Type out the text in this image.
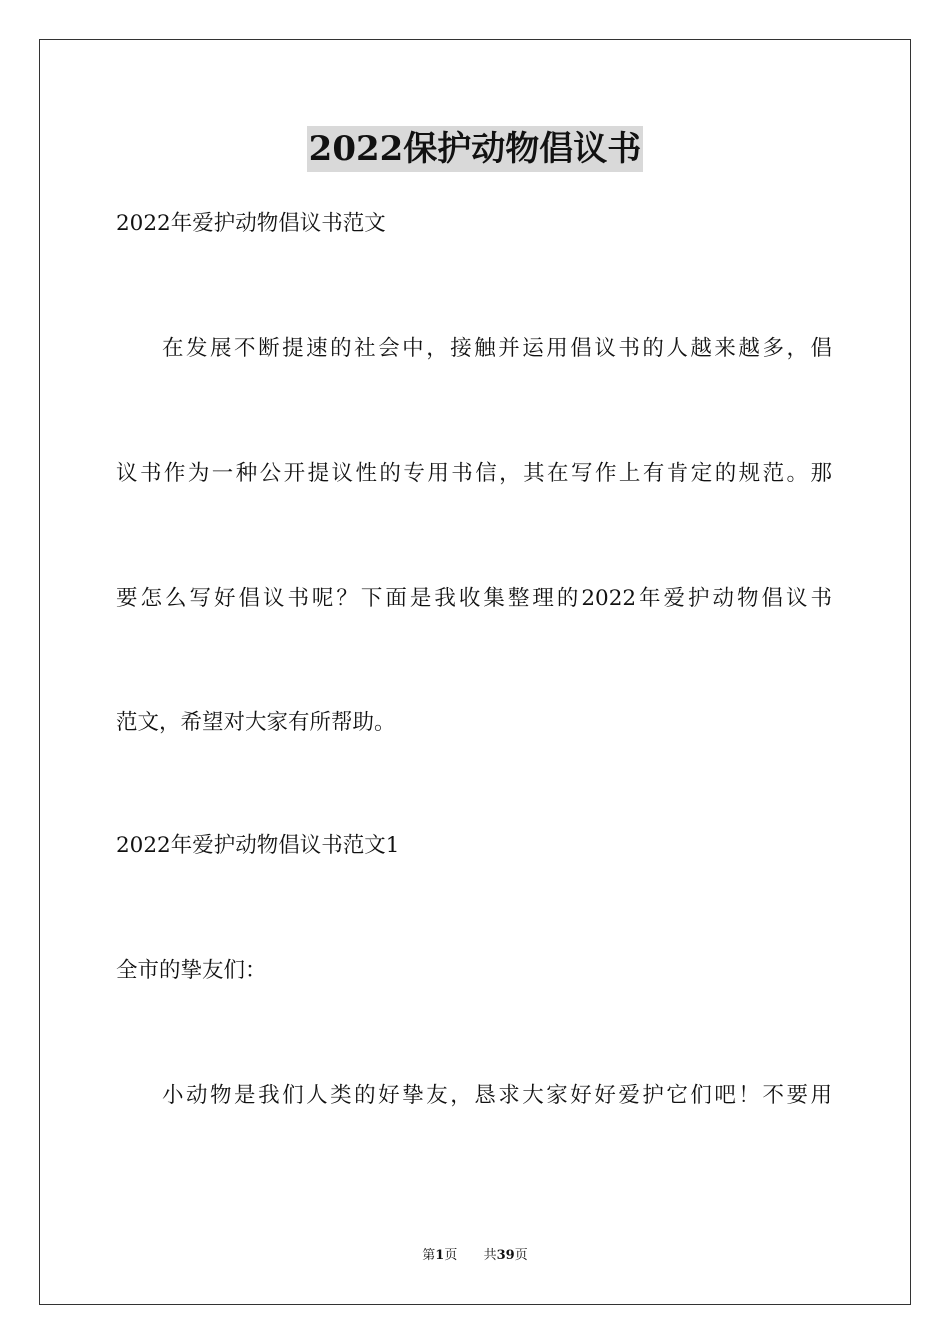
2022保护动物倡议书
2022年爱护动物倡议书范文
在发展不断提速的社会中，接触并运用倡议书的人越来越多，倡
议书作为一种公开提议性的专用书信，其在写作上有肯定的规范。那
要怎么写好倡议书呢？下面是我收集整理的2022年爱护动物倡议书
范文，希望对大家有所帮助。
2022年爱护动物倡议书范文1
全市的挚友们：
小动物是我们人类的好挚友，恳求大家好好爱护它们吧！不要用
第1页 共39页
